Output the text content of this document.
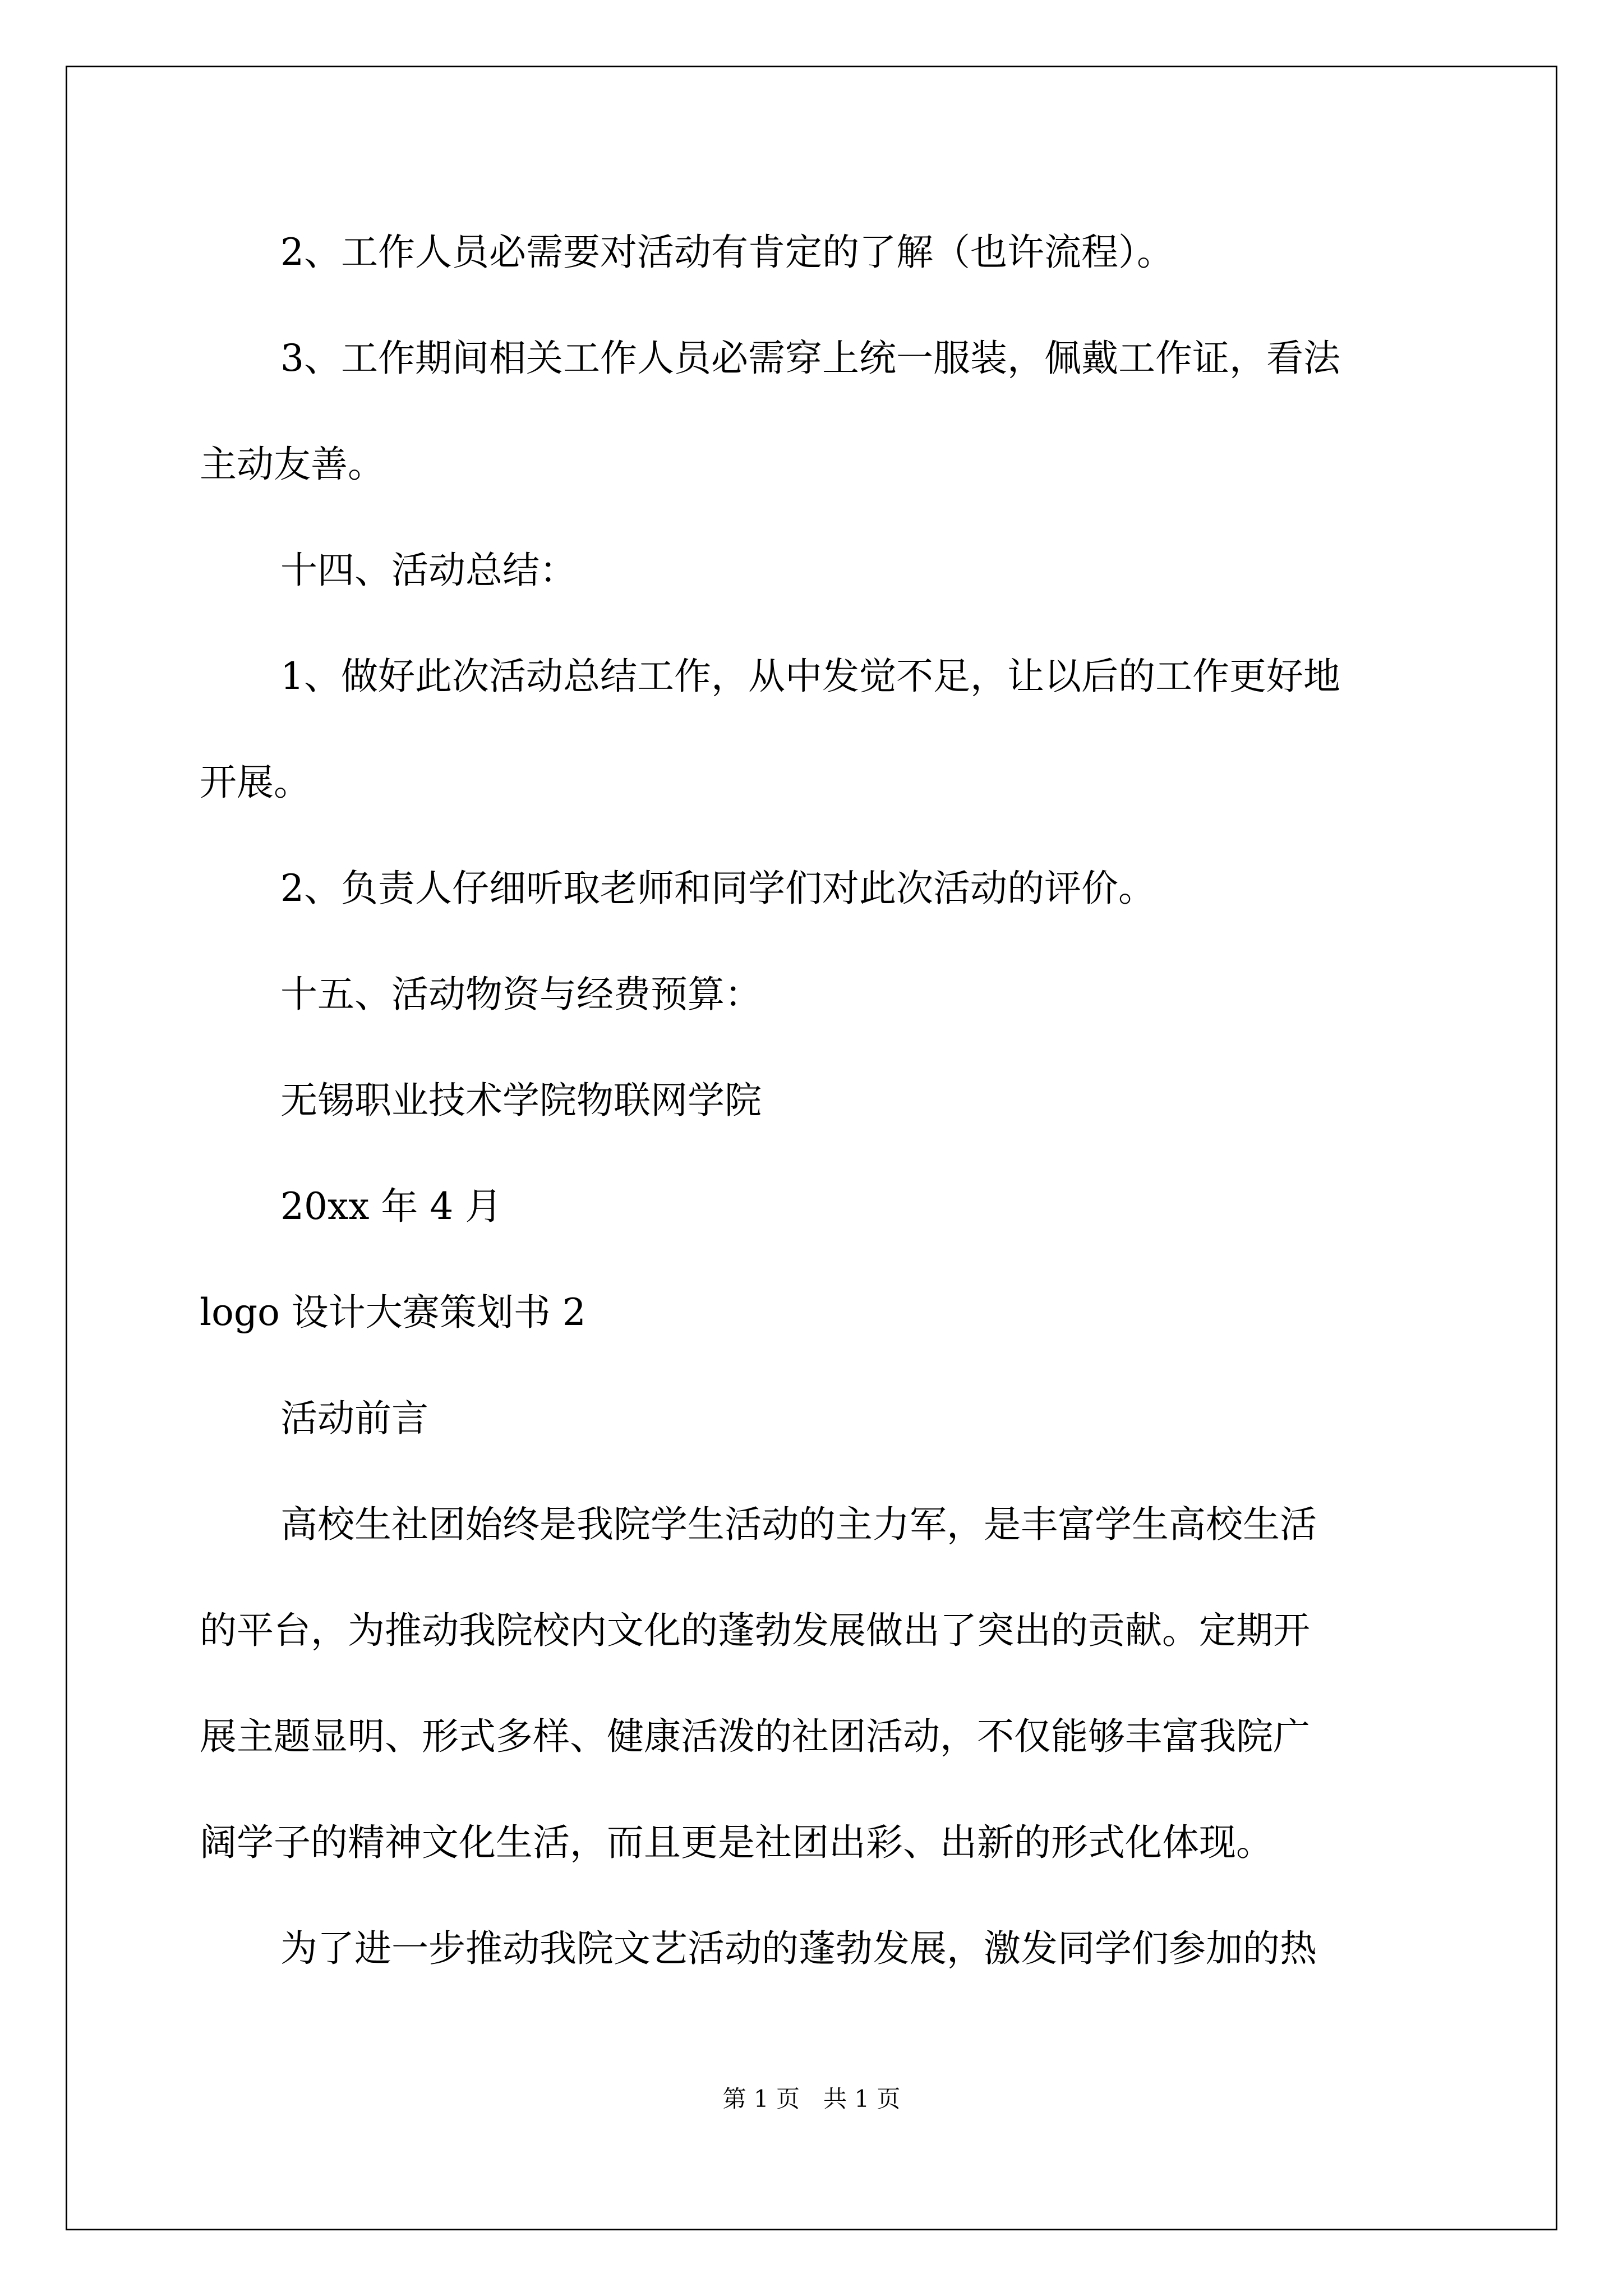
2、工作人员必需要对活动有肯定的了解（也许流程）。
3、工作期间相关工作人员必需穿上统一服装，佩戴工作证，看法
主动友善。
十四、活动总结：
1、做好此次活动总结工作，从中发觉不足，让以后的工作更好地
开展。
2、负责人仔细听取老师和同学们对此次活动的评价。
十五、活动物资与经费预算：
无锡职业技术学院物联网学院
20xx 年 4 月
logo 设计大赛策划书 2
活动前言
高校生社团始终是我院学生活动的主力军，是丰富学生高校生活
的平台，为推动我院校内文化的蓬勃发展做出了突出的贡献。定期开
展主题显明、形式多样、健康活泼的社团活动，不仅能够丰富我院广
阔学子的精神文化生活，而且更是社团出彩、出新的形式化体现。
为了进一步推动我院文艺活动的蓬勃发展，激发同学们参加的热
第 1 页　共 1 页
